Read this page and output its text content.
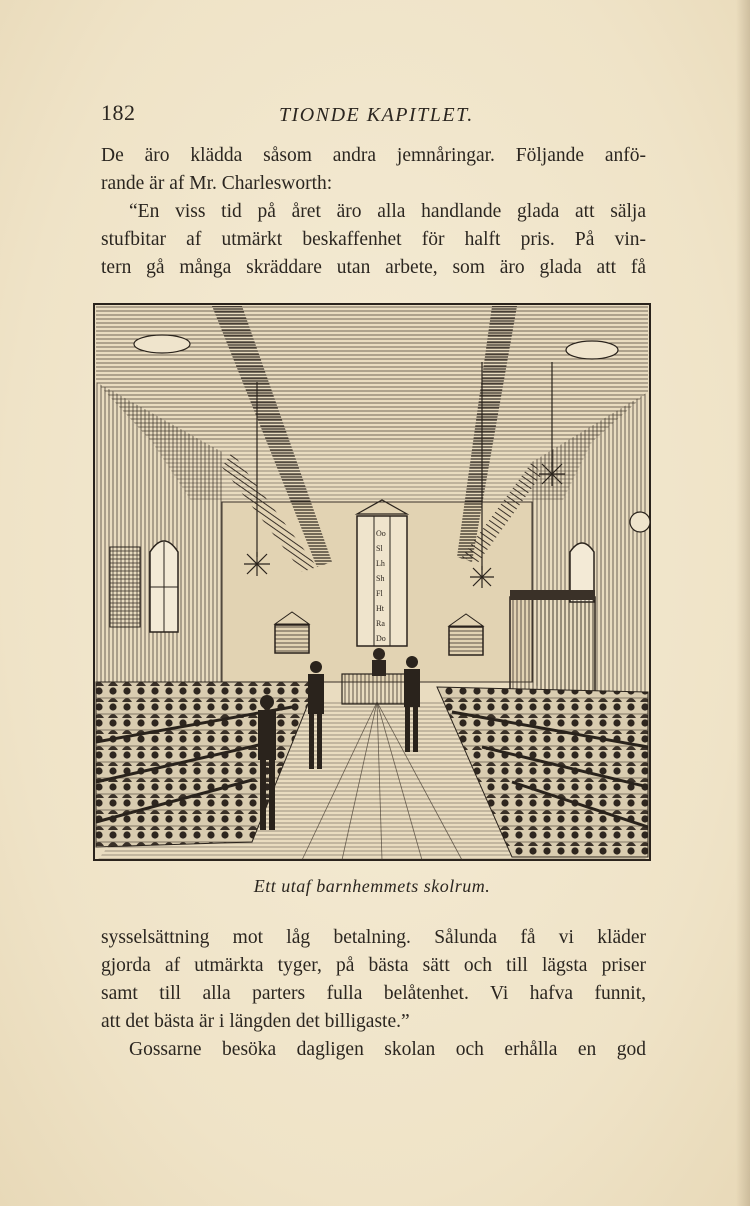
182	TIONDE KAPITLET.
De äro klädda såsom andra jemnåringar. Följande anfö-
rande är af Mr. Charlesworth:
“En viss tid på året äro alla handlande glada att sälja
stufbitar af utmärkt beskaffenhet för halft pris. På vin-
tern gå många skräddare utan arbete, som äro glada att få
Oo
Sl
Lh
Sh
Fl
Ht
Ra
Do
Ett utaf barnhemmets skolrum.
sysselsättning mot låg betalning. Sålunda få vi kläder
gjorda af utmärkta tyger, på bästa sätt och till lägsta priser
samt till alla parters fulla belåtenhet. Vi hafva funnit,
att det bästa är i längden det billigaste.”
Gossarne besöka dagligen skolan och erhålla en god
